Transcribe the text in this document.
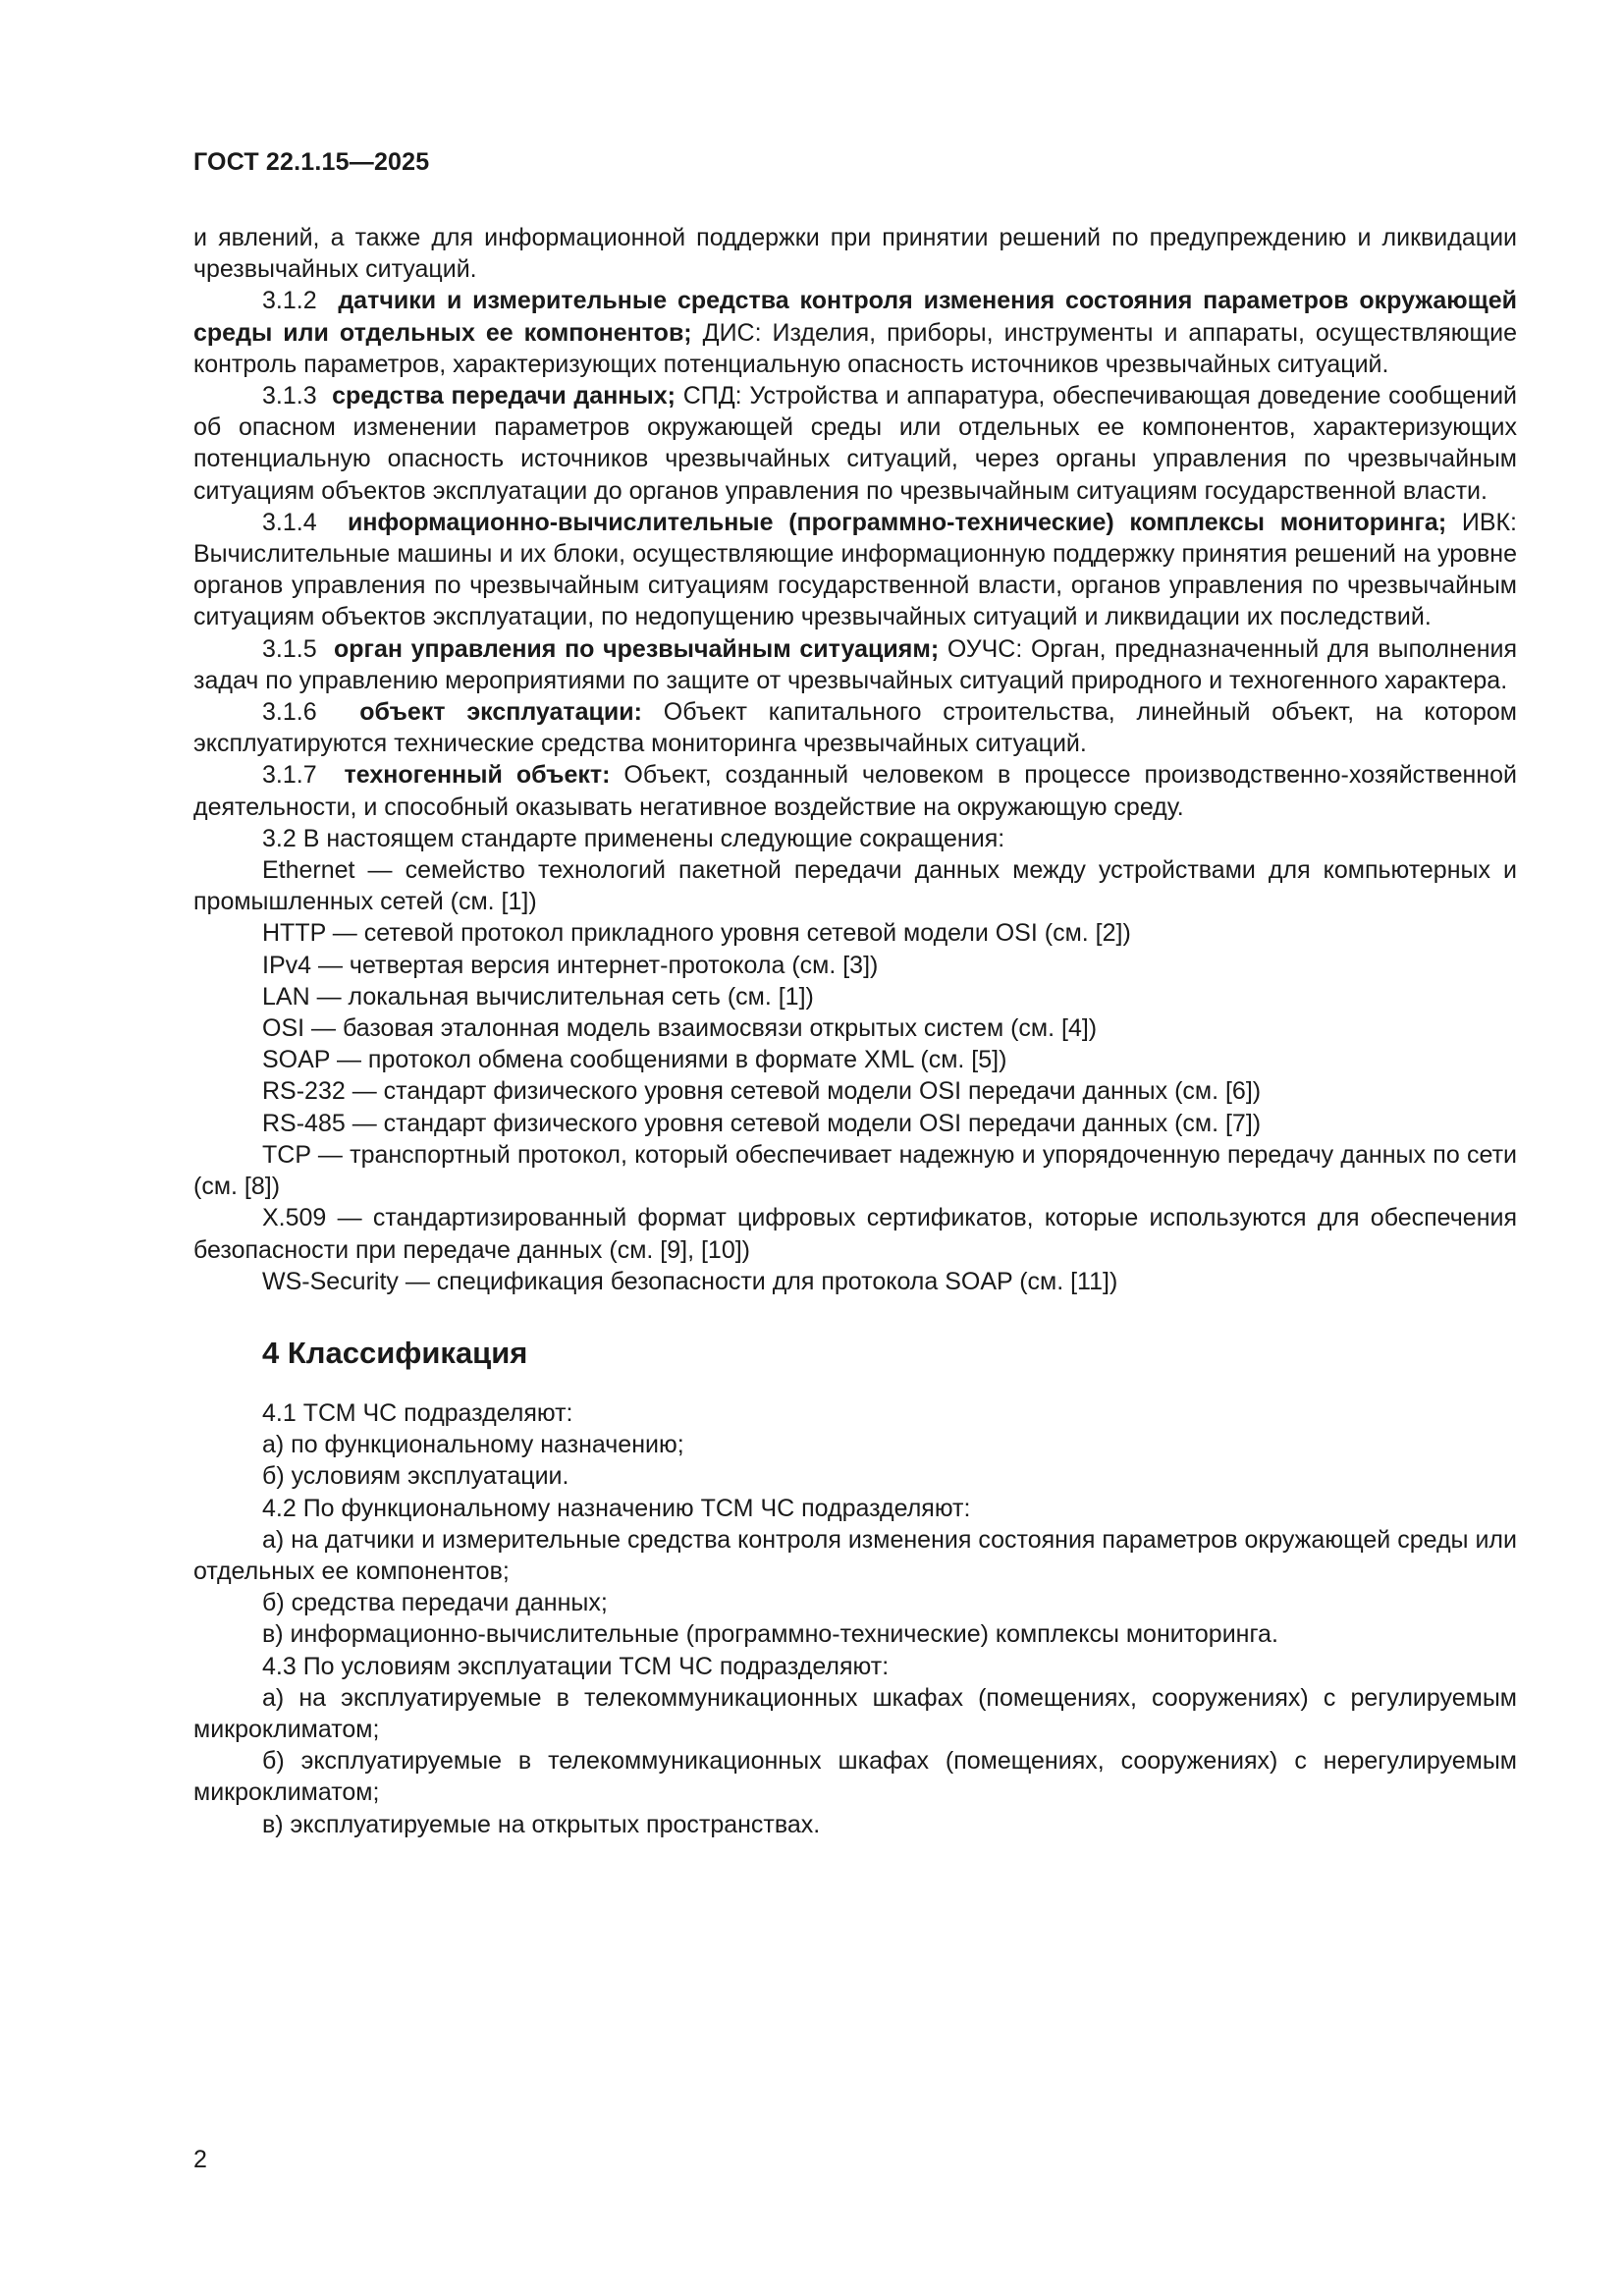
ГОСТ 22.1.15—2025

и явлений, а также для информационной поддержки при принятии решений по предупреждению и ликвидации чрезвычайных ситуаций.

3.1.2 датчики и измерительные средства контроля изменения состояния параметров окружающей среды или отдельных ее компонентов; ДИС: Изделия, приборы, инструменты и аппараты, осуществляющие контроль параметров, характеризующих потенциальную опасность источников чрезвычайных ситуаций.

3.1.3 средства передачи данных; СПД: Устройства и аппаратура, обеспечивающая доведение сообщений об опасном изменении параметров окружающей среды или отдельных ее компонентов, характеризующих потенциальную опасность источников чрезвычайных ситуаций, через органы управления по чрезвычайным ситуациям объектов эксплуатации до органов управления по чрезвычайным ситуациям государственной власти.

3.1.4 информационно-вычислительные (программно-технические) комплексы мониторинга; ИВК: Вычислительные машины и их блоки, осуществляющие информационную поддержку принятия решений на уровне органов управления по чрезвычайным ситуациям государственной власти, органов управления по чрезвычайным ситуациям объектов эксплуатации, по недопущению чрезвычайных ситуаций и ликвидации их последствий.

3.1.5 орган управления по чрезвычайным ситуациям; ОУЧС: Орган, предназначенный для выполнения задач по управлению мероприятиями по защите от чрезвычайных ситуаций природного и техногенного характера.

3.1.6 объект эксплуатации: Объект капитального строительства, линейный объект, на котором эксплуатируются технические средства мониторинга чрезвычайных ситуаций.

3.1.7 техногенный объект: Объект, созданный человеком в процессе производственно-хозяйственной деятельности, и способный оказывать негативное воздействие на окружающую среду.

3.2 В настоящем стандарте применены следующие сокращения:

Ethernet — семейство технологий пакетной передачи данных между устройствами для компьютерных и промышленных сетей (см. [1])

HTTP — сетевой протокол прикладного уровня сетевой модели OSI (см. [2])

IPv4 — четвертая версия интернет-протокола (см. [3])

LAN — локальная вычислительная сеть (см. [1])

OSI — базовая эталонная модель взаимосвязи открытых систем (см. [4])

SOAP — протокол обмена сообщениями в формате XML (см. [5])

RS-232 — стандарт физического уровня сетевой модели OSI передачи данных (см. [6])

RS-485 — стандарт физического уровня сетевой модели OSI передачи данных (см. [7])

TCP — транспортный протокол, который обеспечивает надежную и упорядоченную передачу данных по сети (см. [8])

X.509 — стандартизированный формат цифровых сертификатов, которые используются для обеспечения безопасности при передаче данных (см. [9], [10])

WS-Security — спецификация безопасности для протокола SOAP (см. [11])

4 Классификация

4.1 ТСМ ЧС подразделяют:

а) по функциональному назначению;

б) условиям эксплуатации.

4.2 По функциональному назначению ТСМ ЧС подразделяют:

а) на датчики и измерительные средства контроля изменения состояния параметров окружающей среды или отдельных ее компонентов;

б) средства передачи данных;

в) информационно-вычислительные (программно-технические) комплексы мониторинга.

4.3 По условиям эксплуатации ТСМ ЧС подразделяют:

а) на эксплуатируемые в телекоммуникационных шкафах (помещениях, сооружениях) с регулируемым микроклиматом;

б) эксплуатируемые в телекоммуникационных шкафах (помещениях, сооружениях) с нерегулируемым микроклиматом;

в) эксплуатируемые на открытых пространствах.

2
